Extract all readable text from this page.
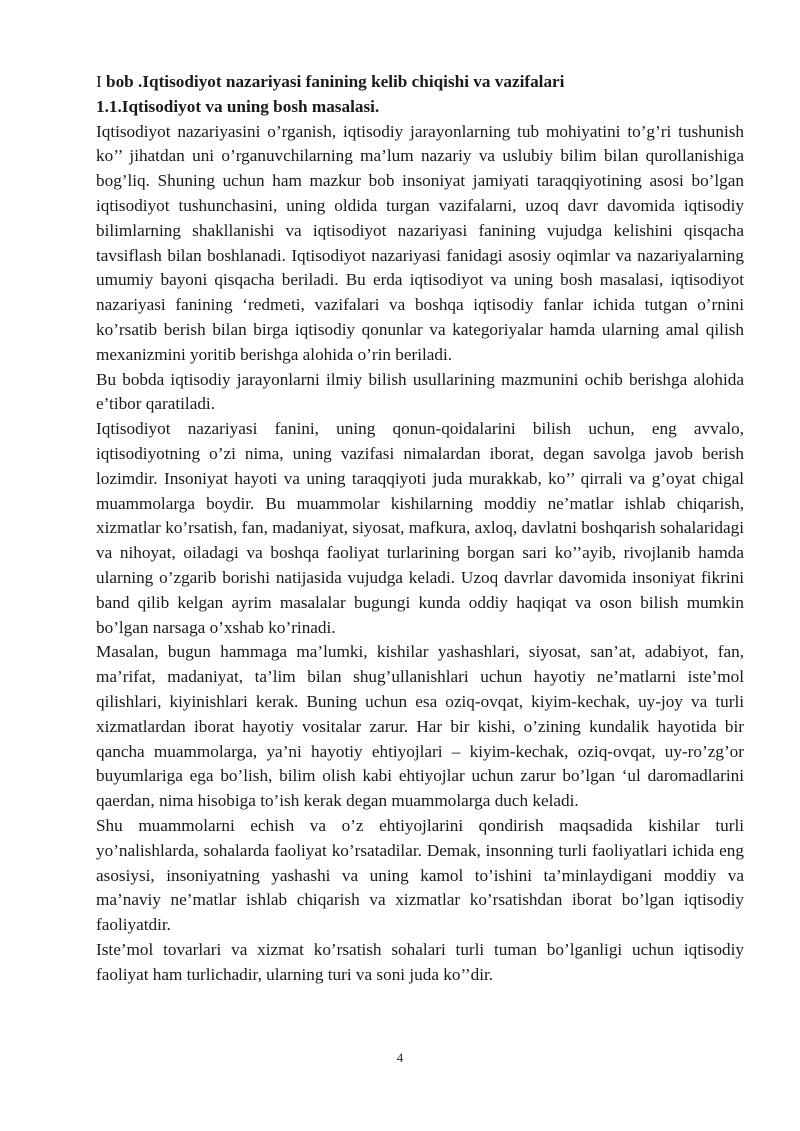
I bob .Iqtisodiyot nazariyasi fanining kelib chiqishi va vazifalari
1.1.Iqtisodiyot va uning bosh masalasi.

Iqtisodiyot nazariyasini o’rganish, iqtisodiy jarayonlarning tub mohiyatini to’g’ri tushunish ko’’ jihatdan uni o’rganuvchilarning ma’lum nazariy va uslubiy bilim bilan qurollanishiga bog’liq. Shuning uchun ham mazkur bob insoniyat jamiyati taraqqiyotining asosi bo’lgan iqtisodiyot tushunchasini, uning oldida turgan vazifalarni, uzoq davr davomida iqtisodiy bilimlarning shakllanishi va iqtisodiyot nazariyasi fanining vujudga kelishini qisqacha tavsiflash bilan boshlanadi. Iqtisodiyot nazariyasi fanidagi asosiy oqimlar va nazariyalarning umumiy bayoni qisqacha beriladi. Bu erda iqtisodiyot va uning bosh masalasi, iqtisodiyot nazariyasi fanining ‘redmeti, vazifalari va boshqa iqtisodiy fanlar ichida tutgan o’rnini ko’rsatib berish bilan birga iqtisodiy qonunlar va kategoriyalar hamda ularning amal qilish mexanizmini yoritib berishga alohida o’rin beriladi.

Bu bobda iqtisodiy jarayonlarni ilmiy bilish usullarining mazmunini ochib berishga alohida e’tibor qaratiladi.

Iqtisodiyot nazariyasi fanini, uning qonun-qoidalarini bilish uchun, eng avvalo, iqtisodiyotning o’zi nima, uning vazifasi nimalardan iborat, degan savolga javob berish lozimdir. Insoniyat hayoti va uning taraqqiyoti juda murakkab, ko’’ qirrali va g’oyat chigal muammolarga boydir. Bu muammolar kishilarning moddiy ne’matlar ishlab chiqarish, xizmatlar ko’rsatish, fan, madaniyat, siyosat, mafkura, axloq, davlatni boshqarish sohalaridagi va nihoyat, oiladagi va boshqa faoliyat turlarining borgan sari ko’’ayib, rivojlanib hamda ularning o’zgarib borishi natijasida vujudga keladi. Uzoq davrlar davomida insoniyat fikrini band qilib kelgan ayrim masalalar bugungi kunda oddiy haqiqat va oson bilish mumkin bo’lgan narsaga o’xshab ko’rinadi.

Masalan, bugun hammaga ma’lumki, kishilar yashashlari, siyosat, san’at, adabiyot, fan, ma’rifat, madaniyat, ta’lim bilan shug’ullanishlari uchun hayotiy ne’matlarni iste’mol qilishlari, kiyinishlari kerak. Buning uchun esa oziq-ovqat, kiyim-kechak, uy-joy va turli xizmatlardan iborat hayotiy vositalar zarur. Har bir kishi, o’zining kundalik hayotida bir qancha muammolarga, ya’ni hayotiy ehtiyojlari – kiyim-kechak, oziq-ovqat, uy-ro’zg’or buyumlariga ega bo’lish, bilim olish kabi ehtiyojlar uchun zarur bo’lgan ‘ul daromadlarini qaerdan, nima hisobiga to’ish kerak degan muammolarga duch keladi.

Shu muammolarni echish va o’z ehtiyojlarini qondirish maqsadida kishilar turli yo’nalishlarda, sohalarda faoliyat ko’rsatadilar. Demak, insonning turli faoliyatlari ichida eng asosiysi, insoniyatning yashashi va uning kamol to’ishini ta’minlaydigani moddiy va ma’naviy ne’matlar ishlab chiqarish va xizmatlar ko’rsatishdan iborat bo’lgan iqtisodiy faoliyatdir.

Iste’mol tovarlari va xizmat ko’rsatish sohalari turli tuman bo’lganligi uchun iqtisodiy faoliyat ham turlichadir, ularning turi va soni juda ko’’dir.

4
